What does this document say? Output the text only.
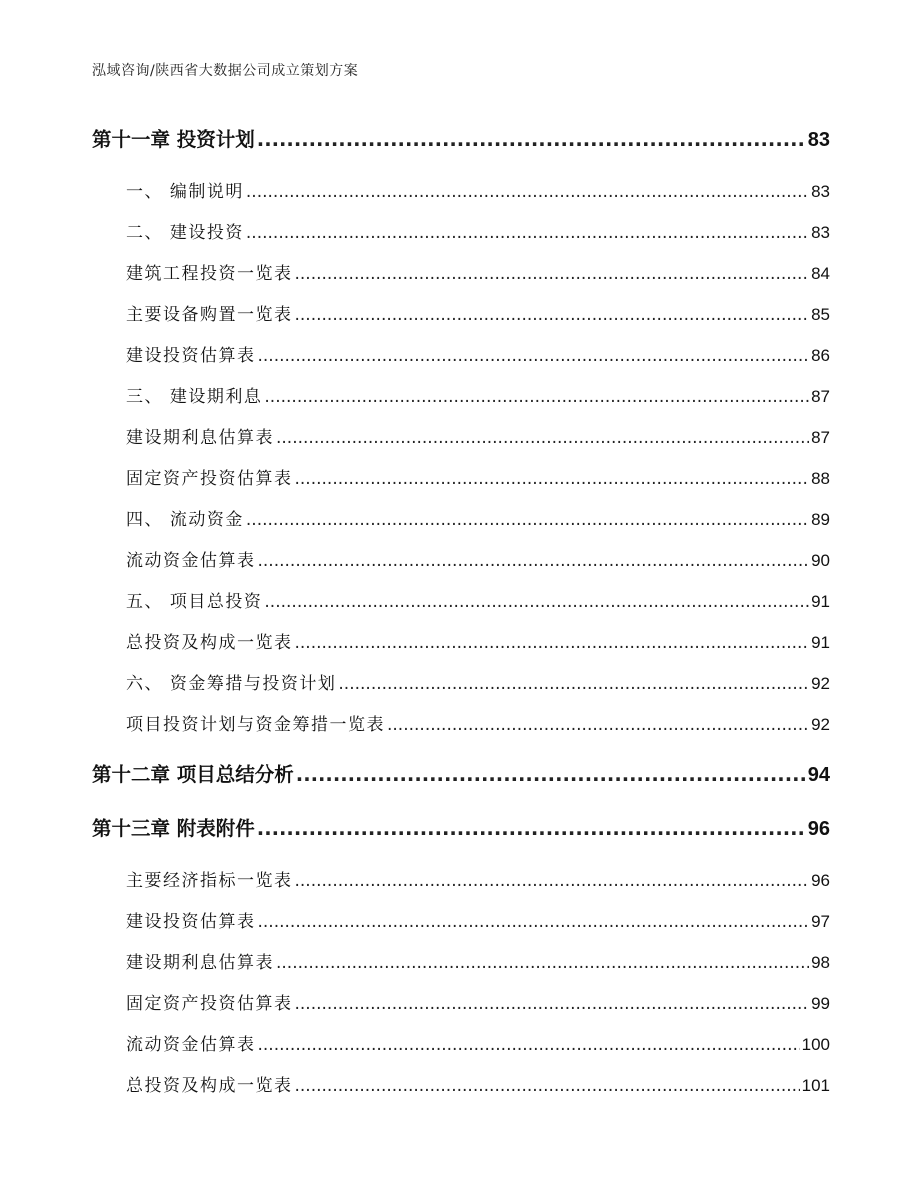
泓域咨询/陕西省大数据公司成立策划方案
第十一章 投资计划 .....	83
一、 编制说明 .....	83
二、 建设投资 .....	83
建筑工程投资一览表 .....	84
主要设备购置一览表 .....	85
建设投资估算表 .....	86
三、 建设期利息 .....	87
建设期利息估算表 .....	87
固定资产投资估算表 .....	88
四、 流动资金 .....	89
流动资金估算表 .....	90
五、 项目总投资 .....	91
总投资及构成一览表 .....	91
六、 资金筹措与投资计划 .....	92
项目投资计划与资金筹措一览表 .....	92
第十二章 项目总结分析 .....	94
第十三章 附表附件 .....	96
主要经济指标一览表 .....	96
建设投资估算表 .....	97
建设期利息估算表 .....	98
固定资产投资估算表 .....	99
流动资金估算表 .....	100
总投资及构成一览表 .....	101
